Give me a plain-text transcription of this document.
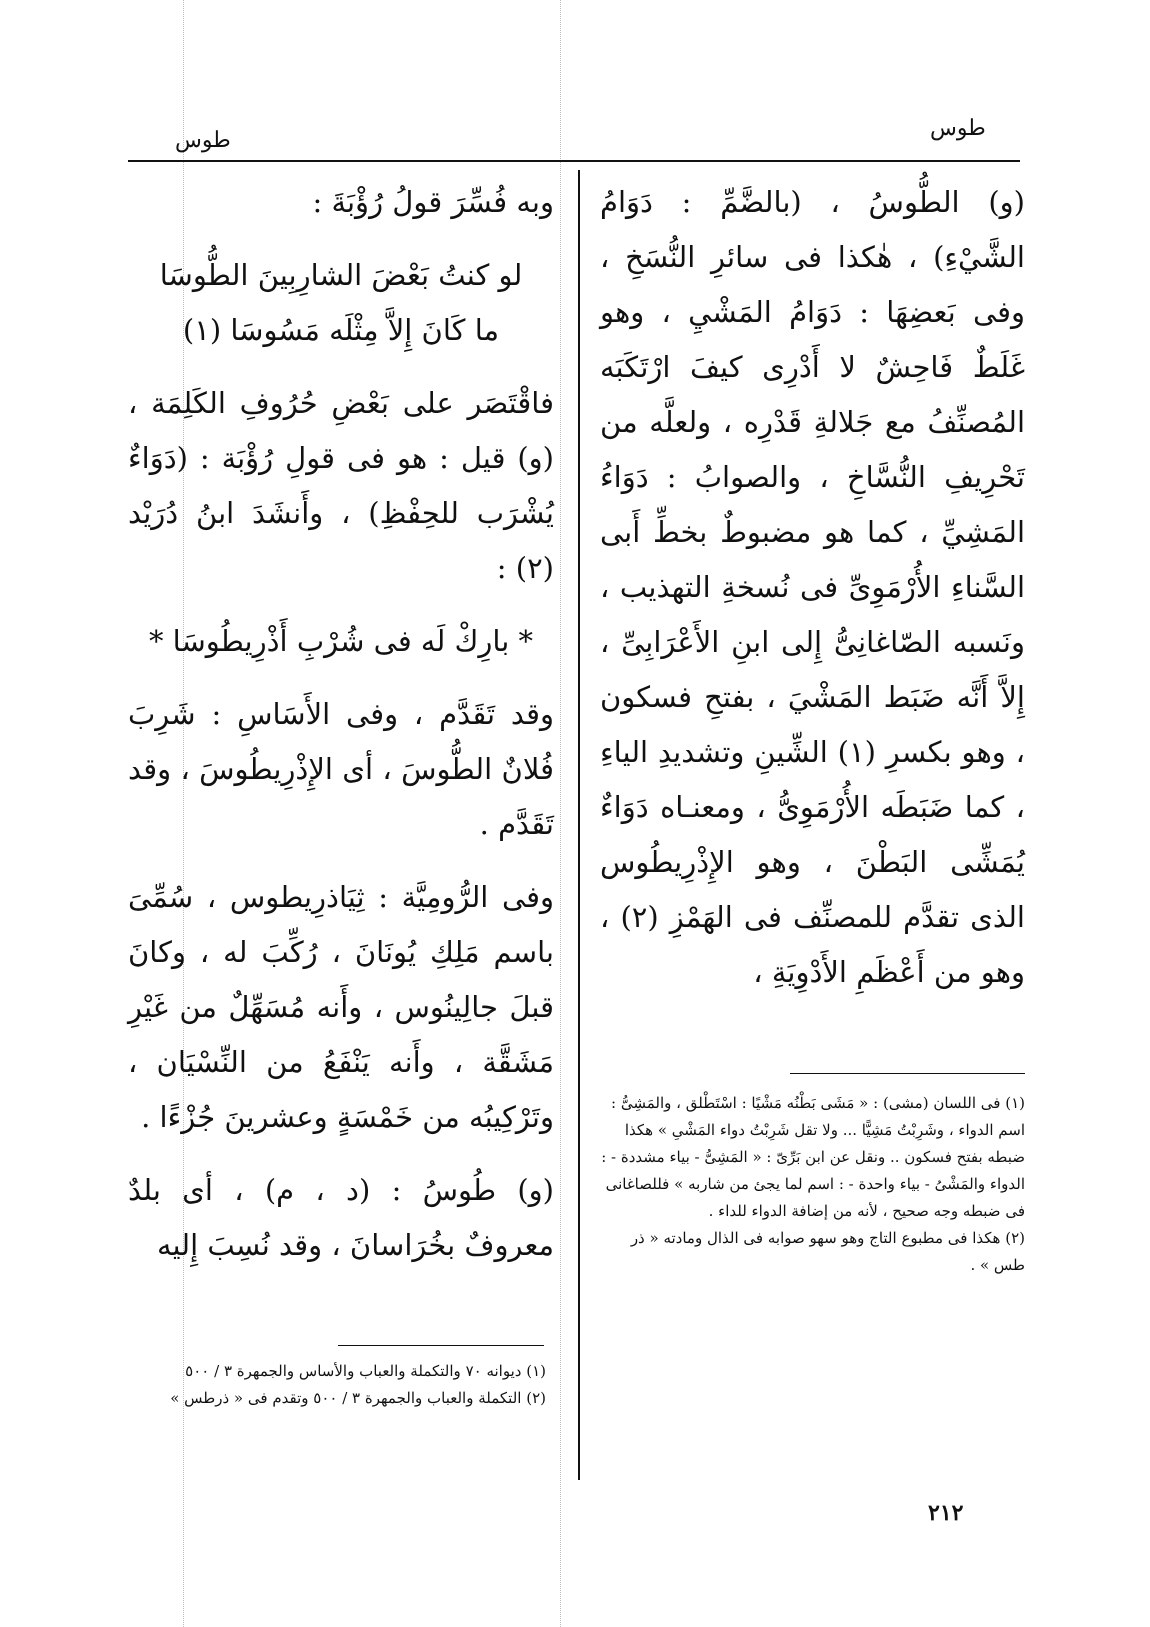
طوس
طوس

(و) الطُّوسُ ، (بالضَّمِّ : دَوَامُ الشَّيْءِ) ، هٰكذا فى سائرِ النُّسَخِ ، وفى بَعضِهَا : دَوَامُ المَشْيِ ، وهو غَلَطٌ فَاحِشٌ لا أَدْرِى كيفَ ارْتَكَبَه المُصنِّفُ مع جَلالةِ قَدْرِه ، ولعلَّه من تَحْرِيفِ النُّسَّاخِ ، والصوابُ : دَوَاءُ المَشِيِّ ، كما هو مضبوطٌ بخطِّ أَبى السَّناءِ الأُرْمَوِىِّ فى نُسخةِ التهذيب ، ونَسبه الصّاغانِىُّ إِلى ابنِ الأَعْرَابِىِّ ، إِلاَّ أَنَّه ضَبَط المَشْيَ ، بفتحِ فسكون ، وهو بكسرِ (١) الشِّينِ وتشديدِ الياءِ ، كما ضَبَطَه الأُرْمَوِىُّ ، ومعنـاه دَوَاءٌ يُمَشِّى البَطْنَ ، وهو الإِذْرِيطُوس الذى تقدَّم للمصنِّف فى الهَمْزِ (٢) ، وهو من أَعْظَمِ الأَدْوِيَةِ ،

وبه فُسِّرَ قولُ رُؤْبَةَ :

لو كنتُ بَعْضَ الشارِبِينَ الطُّوسَا

ما كَانَ إِلاَّ مِثْلَه مَسُوسَا (١)

فاقْتَصَر على بَعْضِ حُرُوفِ الكَلِمَة ، (و) قيل : هو فى قولِ رُؤْبَة : (دَوَاءٌ يُشْرَب للحِفْظِ) ، وأَنشَدَ ابنُ دُرَيْد (٢) :

* بارِكْ لَه فى شُرْبِ أَذْرِيطُوسَا *

وقد تَقَدَّم ، وفى الأَسَاسِ : شَرِبَ فُلانٌ الطُّوسَ ، أى الإِذْرِيطُوسَ ، وقد تَقَدَّم .

وفى الرُّومِيَّة : ثِيَاذرِيطوس ، سُمِّىَ باسم مَلِكِ يُونَانَ ، رُكِّبَ له ، وكانَ قبلَ جالِينُوس ، وأَنه مُسَهِّلٌ من غَيْرِ مَشَقَّة ، وأَنه يَنْفَعُ من النِّسْيَان ، وتَرْكِيبُه من خَمْسَةٍ وعشرينَ جُزْءًا .

(و) طُوسُ : (د ، م) ، أى بلدٌ معروفٌ بخُرَاسانَ ، وقد نُسِبَ إِليه

(١) فى اللسان (مشى) : « مَشَى بَطْنُه مَشْيًا : اسْتَطْلق ، والمَشِىُّ : اسم الدواء ، وشَرِبْتُ مَشِيًّا ... ولا تقل شَرِبْتُ دواء المَشْىِ » هكذا ضبطه بفتح فسكون .. ونقل عن ابن بَرِّىّ : « المَشِىُّ - بياء مشددة - : الدواء والمَشْىُ - بياء واحدة - : اسم لما يجئ من شاربه » فللصاغانى فى ضبطه وجه صحيح ، لأنه من إضافة الدواء للداء .

(٢) هكذا فى مطبوع التاج وهو سهو صوابه فى الذال ومادته « ذر طس » .

(١) ديوانه ٧٠ والتكملة والعباب والأساس والجمهرة ٣ / ٥٠٠

(٢) التكملة والعباب والجمهرة ٣ / ٥٠٠ وتقدم فى « ذرطس »

٢١٢
